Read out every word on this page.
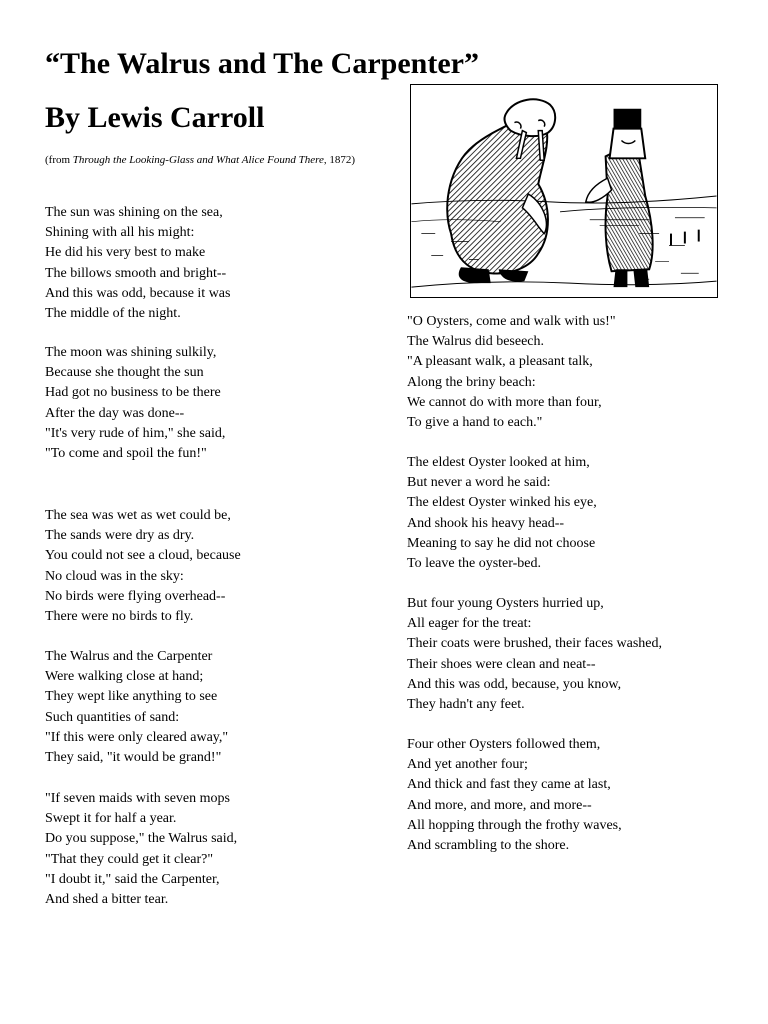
“The Walrus and The Carpenter”
By Lewis Carroll

(from Through the Looking-Glass and What Alice Found There, 1872)

The sun was shining on the sea,
Shining with all his might:
He did his very best to make
The billows smooth and bright--
And this was odd, because it was
The middle of the night.
The moon was shining sulkily,
Because she thought the sun
Had got no business to be there
After the day was done--
"It's very rude of him," she said,
"To come and spoil the fun!"
The sea was wet as wet could be,
The sands were dry as dry.
You could not see a cloud, because
No cloud was in the sky:
No birds were flying overhead--
There were no birds to fly.
The Walrus and the Carpenter
Were walking close at hand;
They wept like anything to see
Such quantities of sand:
"If this were only cleared away,"
They said, "it would be grand!"
"If seven maids with seven mops
Swept it for half a year.
Do you suppose," the Walrus said,
"That they could get it clear?"
"I doubt it," said the Carpenter,
And shed a bitter tear.
"O Oysters, come and walk with us!"
The Walrus did beseech.
"A pleasant walk, a pleasant talk,
Along the briny beach:
We cannot do with more than four,
To give a hand to each."
The eldest Oyster looked at him,
But never a word he said:
The eldest Oyster winked his eye,
And shook his heavy head--
Meaning to say he did not choose
To leave the oyster-bed.
But four young Oysters hurried up,
All eager for the treat:
Their coats were brushed, their faces washed,
Their shoes were clean and neat--
And this was odd, because, you know,
They hadn't any feet.
Four other Oysters followed them,
And yet another four;
And thick and fast they came at last,
And more, and more, and more--
All hopping through the frothy waves,
And scrambling to the shore.
